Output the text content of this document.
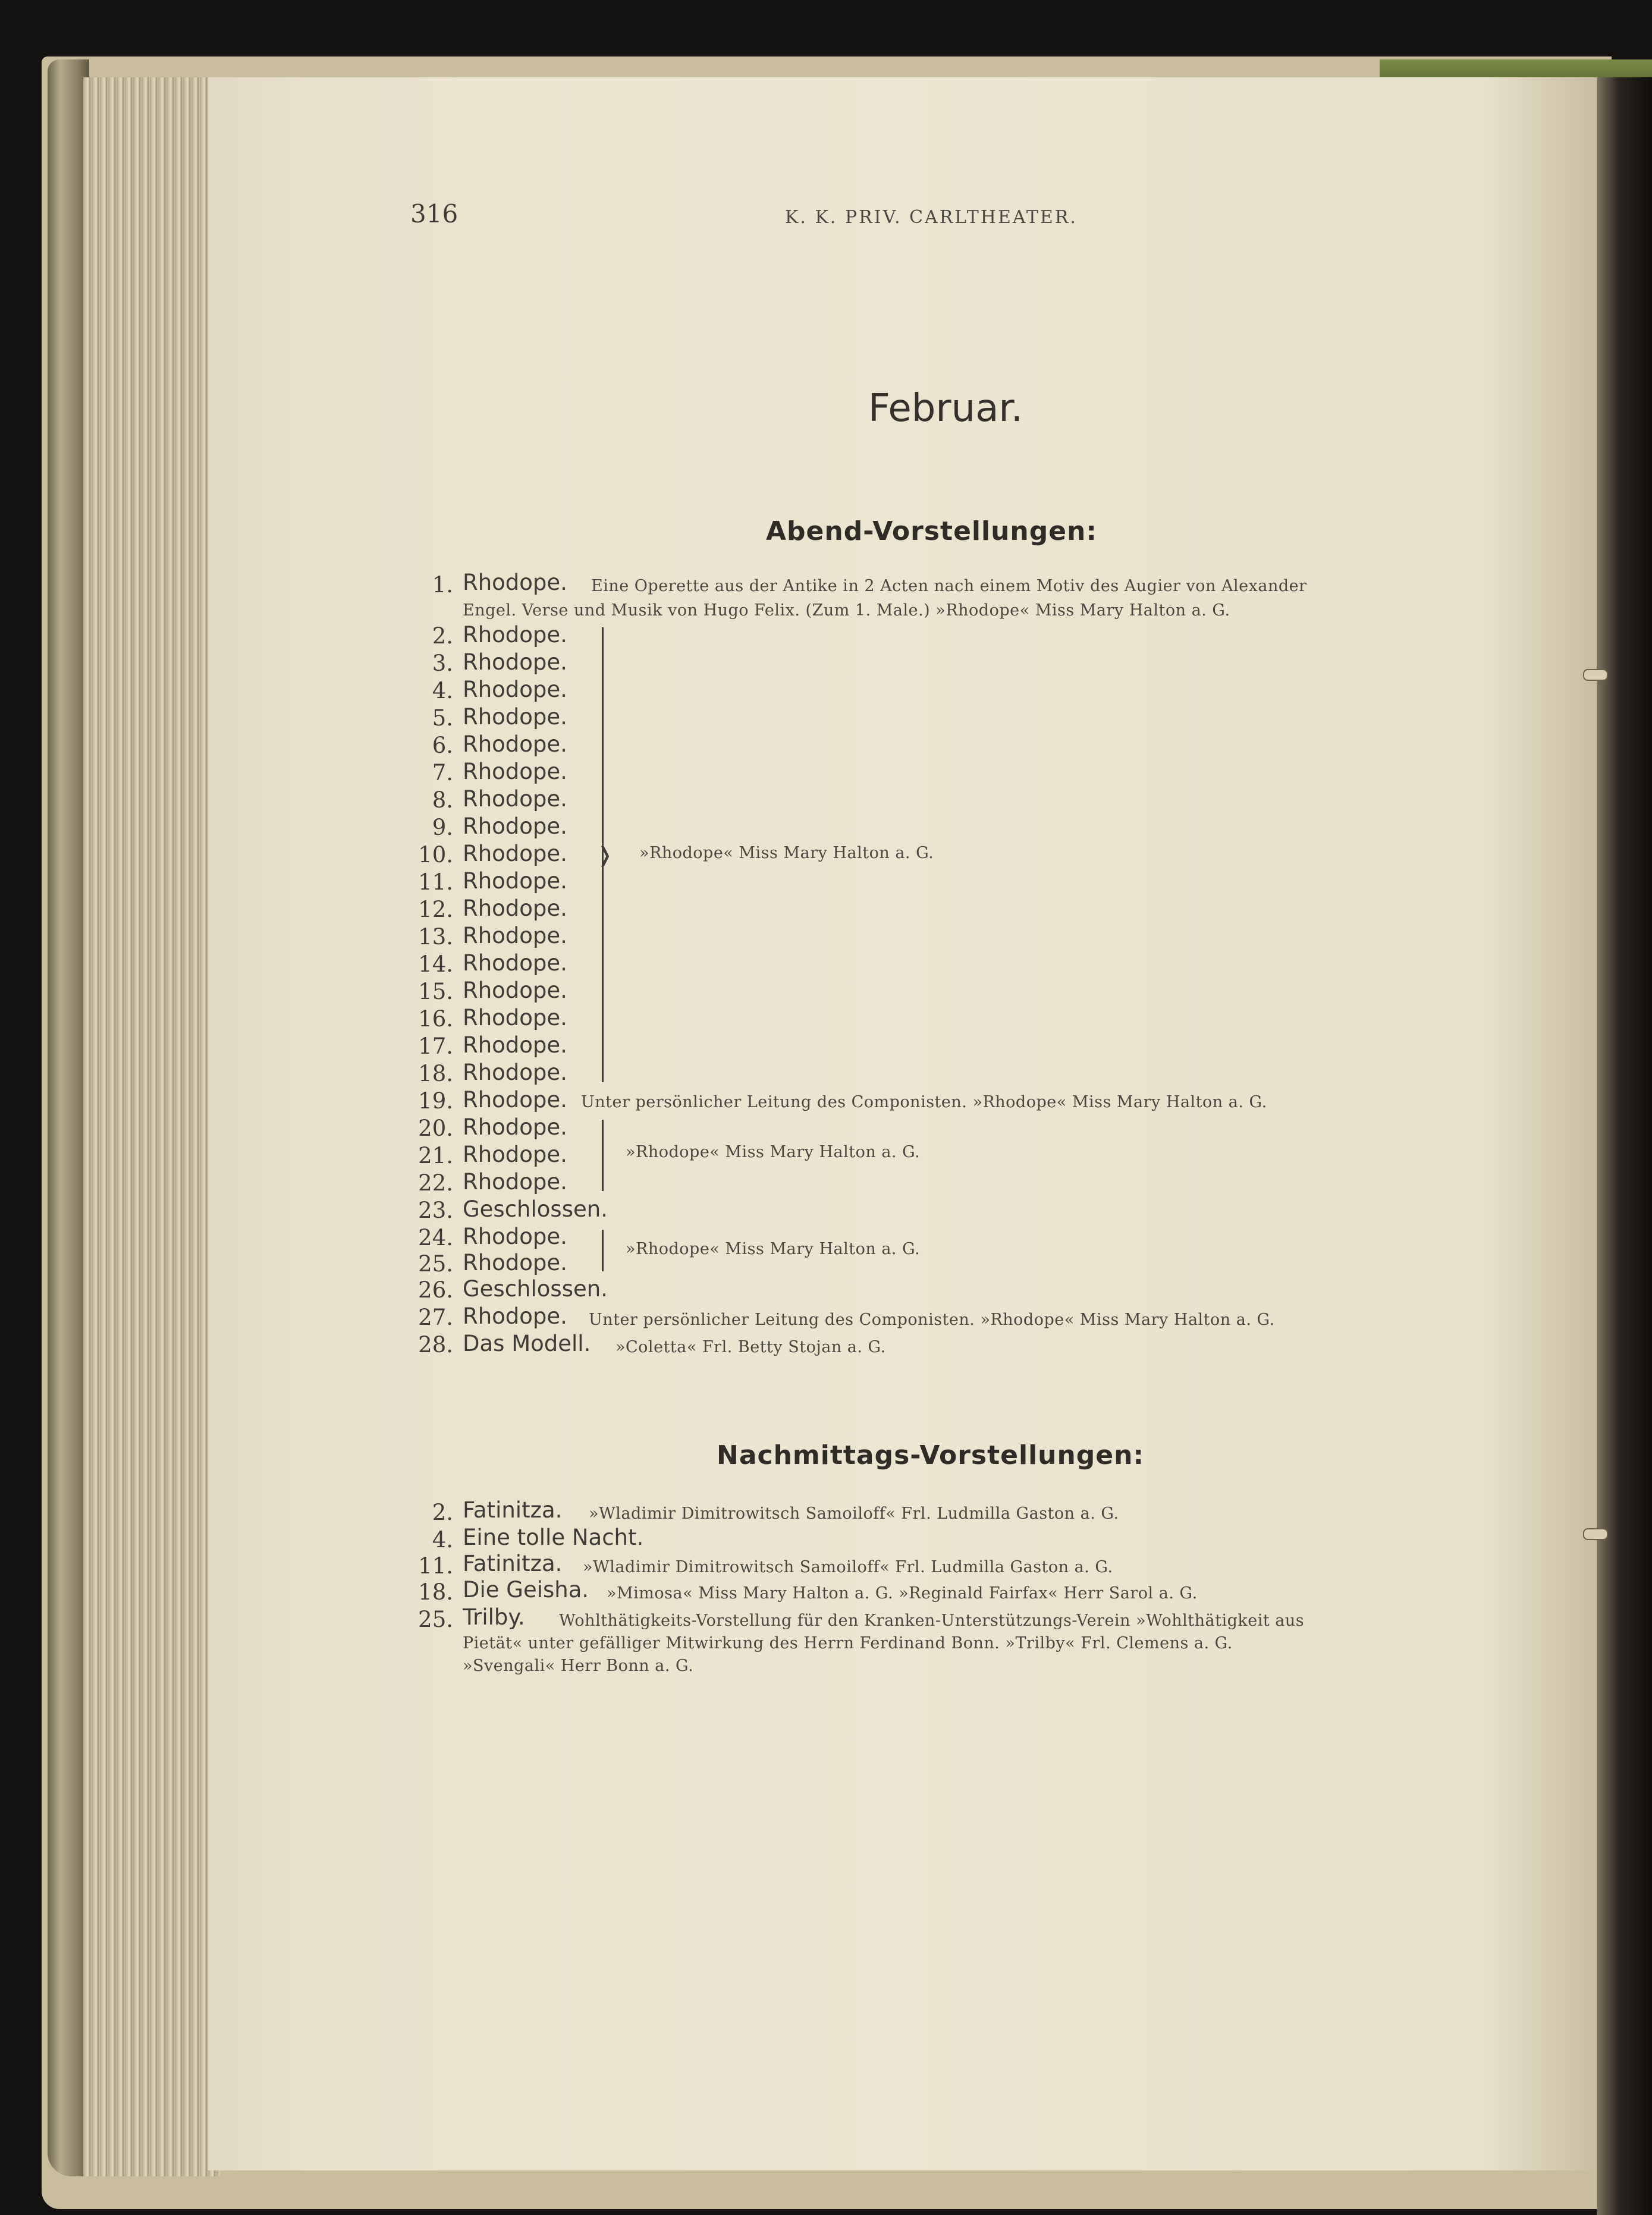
316	K. K. PRIV. CARLTHEATER.
Februar.
Abend-Vorstellungen:
1. Rhodope. Eine Operette aus der Antike in 2 Acten nach einem Motiv des Augier von Alexander
Engel. Verse und Musik von Hugo Felix. (Zum 1. Male.) »Rhodope« Miss Mary Halton a. G.
2. Rhodope.
3. Rhodope.
4. Rhodope.
5. Rhodope.
6. Rhodope.
7. Rhodope.
8. Rhodope.
9. Rhodope.
10. Rhodope.
11. Rhodope.
12. Rhodope.
13. Rhodope.
14. Rhodope.
15. Rhodope.
16. Rhodope.
17. Rhodope.
18. Rhodope.
❭ »Rhodope« Miss Mary Halton a. G.
19. Rhodope. Unter persönlicher Leitung des Componisten. »Rhodope« Miss Mary Halton a. G.
20. Rhodope.
21. Rhodope.
22. Rhodope.
»Rhodope« Miss Mary Halton a. G.
23. Geschlossen.
24. Rhodope.
25. Rhodope.
»Rhodope« Miss Mary Halton a. G.
26. Geschlossen.
27. Rhodope. Unter persönlicher Leitung des Componisten. »Rhodope« Miss Mary Halton a. G.
28. Das Modell. »Coletta« Frl. Betty Stojan a. G.
Nachmittags-Vorstellungen:
2. Fatinitza. »Wladimir Dimitrowitsch Samoiloff« Frl. Ludmilla Gaston a. G.
4. Eine tolle Nacht.
11. Fatinitza. »Wladimir Dimitrowitsch Samoiloff« Frl. Ludmilla Gaston a. G.
18. Die Geisha. »Mimosa« Miss Mary Halton a. G. »Reginald Fairfax« Herr Sarol a. G.
25. Trilby. Wohlthätigkeits-Vorstellung für den Kranken-Unterstützungs-Verein »Wohlthätigkeit aus
Pietät« unter gefälliger Mitwirkung des Herrn Ferdinand Bonn. »Trilby« Frl. Clemens a. G.
»Svengali« Herr Bonn a. G.
